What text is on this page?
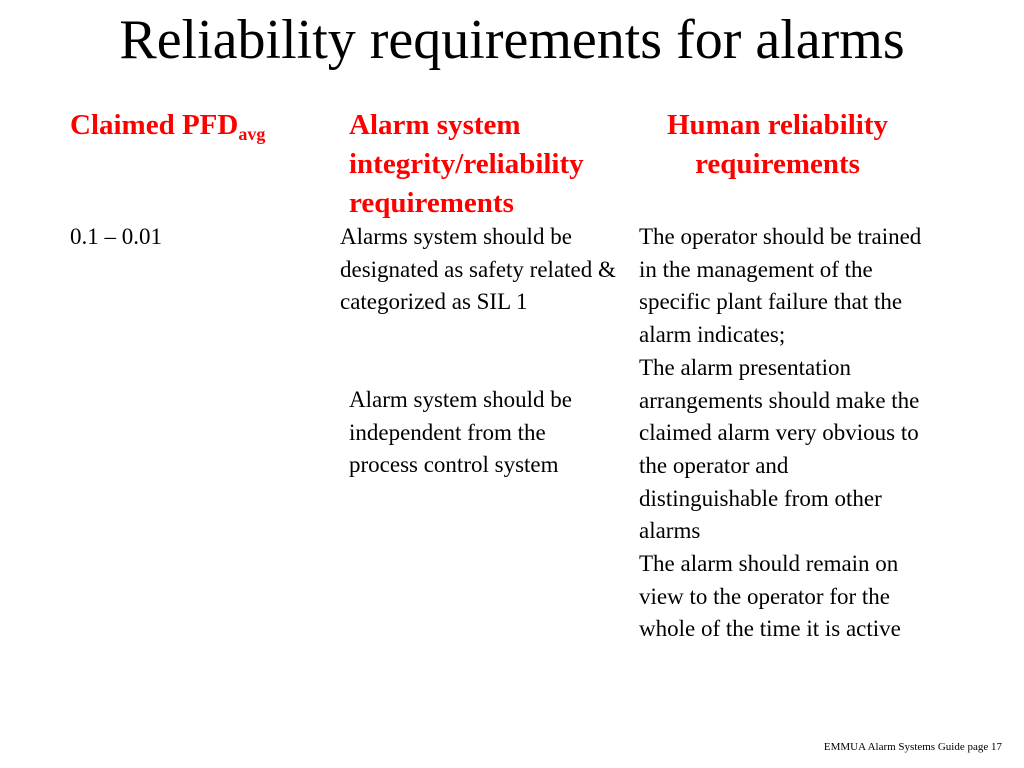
Reliability requirements for alarms
Claimed $PFD_{avg}$	Alarm system integrity/reliability requirements
Human reliability requirements
0.1 – 0.01	Alarms system should be designated as safety related & categorized as SIL 1
Alarm system should be independent from the process control system
The operator should be trained in the management of the specific plant failure that the alarm indicates;
The alarm presentation arrangements should make the claimed alarm very obvious to the operator and distinguishable from other alarms
The alarm should remain on view to the operator for the whole of the time it is active
EMMUA Alarm Systems Guide page 17
